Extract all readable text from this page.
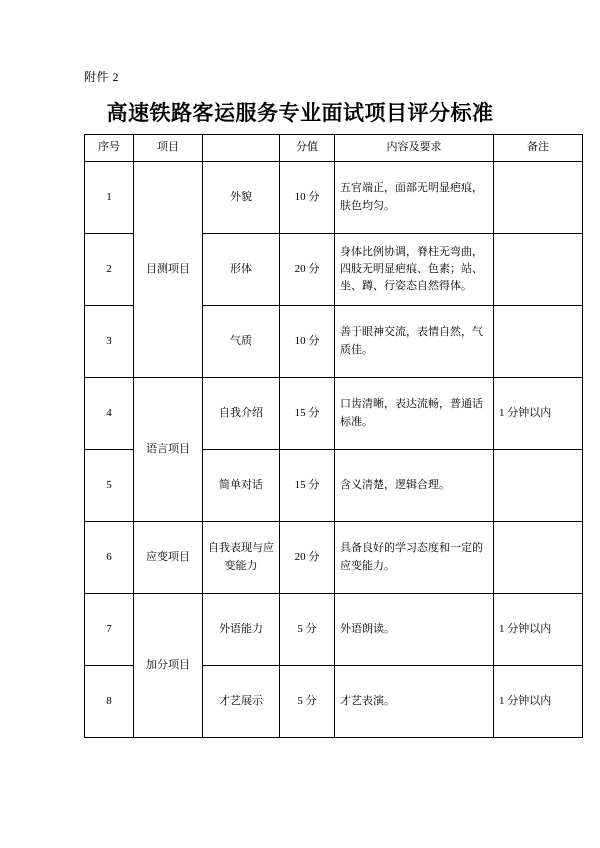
附件 2
高速铁路客运服务专业面试项目评分标准
序号	项目		分值	内容及要求	备注
1	目测项目	外貌	10 分	五官端正，面部无明显疤痕，肤色均匀。	
2		形体	20 分	身体比例协调，脊柱无弯曲，四肢无明显疤痕、色素；站、坐、蹲、行姿态自然得体。	
3		气质	10 分	善于眼神交流，表情自然，气质佳。	
4	语言项目	自我介绍	15 分	口齿清晰，表达流畅，普通话标准。	1 分钟以内
5		简单对话	15 分	含义清楚，逻辑合理。	
6	应变项目	自我表现与应变能力	20 分	具备良好的学习态度和一定的应变能力。	
7	加分项目	外语能力	5 分	外语朗读。	1 分钟以内
8		才艺展示	5 分	才艺表演。	1 分钟以内
